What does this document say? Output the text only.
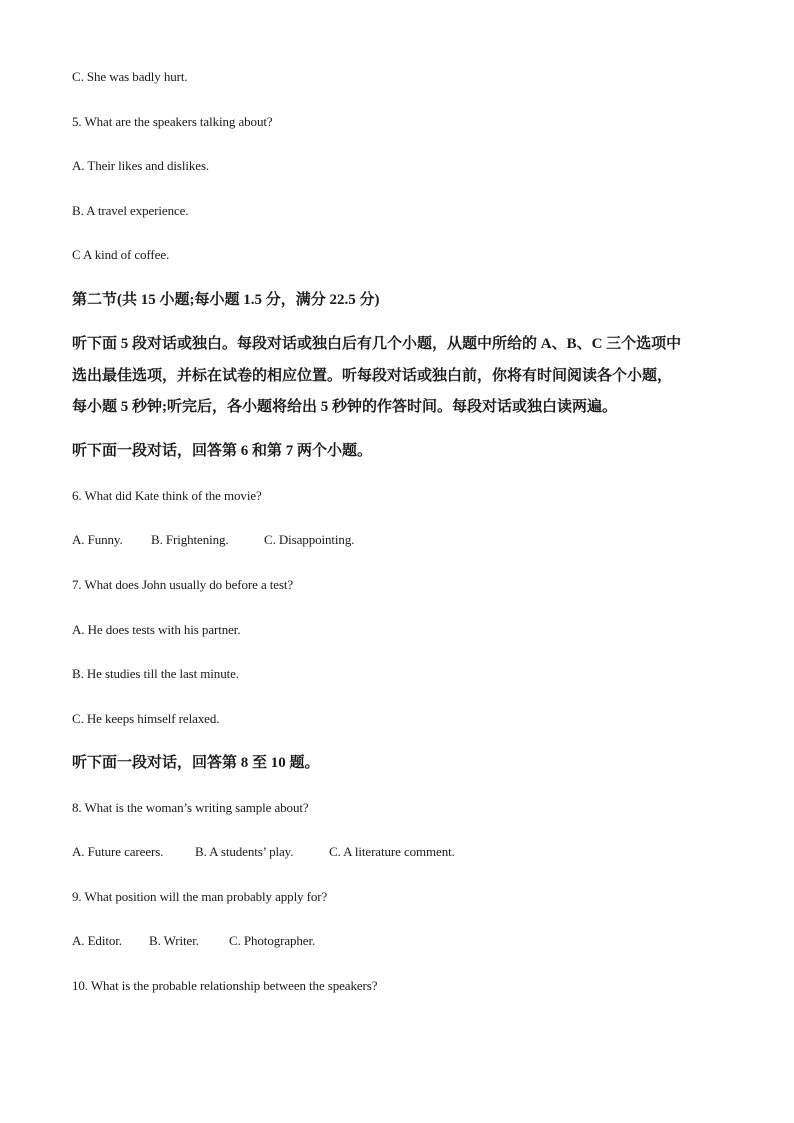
C. She was badly hurt.
5. What are the speakers talking about?
A. Their likes and dislikes.
B. A travel experience.
C A kind of coffee.
第二节(共 15 小题;每小题 1.5 分，满分 22.5 分)
听下面 5 段对话或独白。每段对话或独白后有几个小题，从题中所给的 A、B、C 三个选项中
选出最佳选项，并标在试卷的相应位置。听每段对话或独白前，你将有时间阅读各个小题，
每小题 5 秒钟;听完后，各小题将给出 5 秒钟的作答时间。每段对话或独白读两遍。
听下面一段对话，回答第 6 和第 7 两个小题。
6. What did Kate think of the movie?
A. Funny. B. Frightening.	C. Disappointing.
7. What does John usually do before a test?
A. He does tests with his partner.
B. He studies till the last minute.
C. He keeps himself relaxed.
听下面一段对话，回答第 8 至 10 题。
8. What is the woman’s writing sample about?
A. Future careers. B. A students’ play.	C. A literature comment.
9. What position will the man probably apply for?
A. Editor. B. Writer. C. Photographer.
10. What is the probable relationship between the speakers?
